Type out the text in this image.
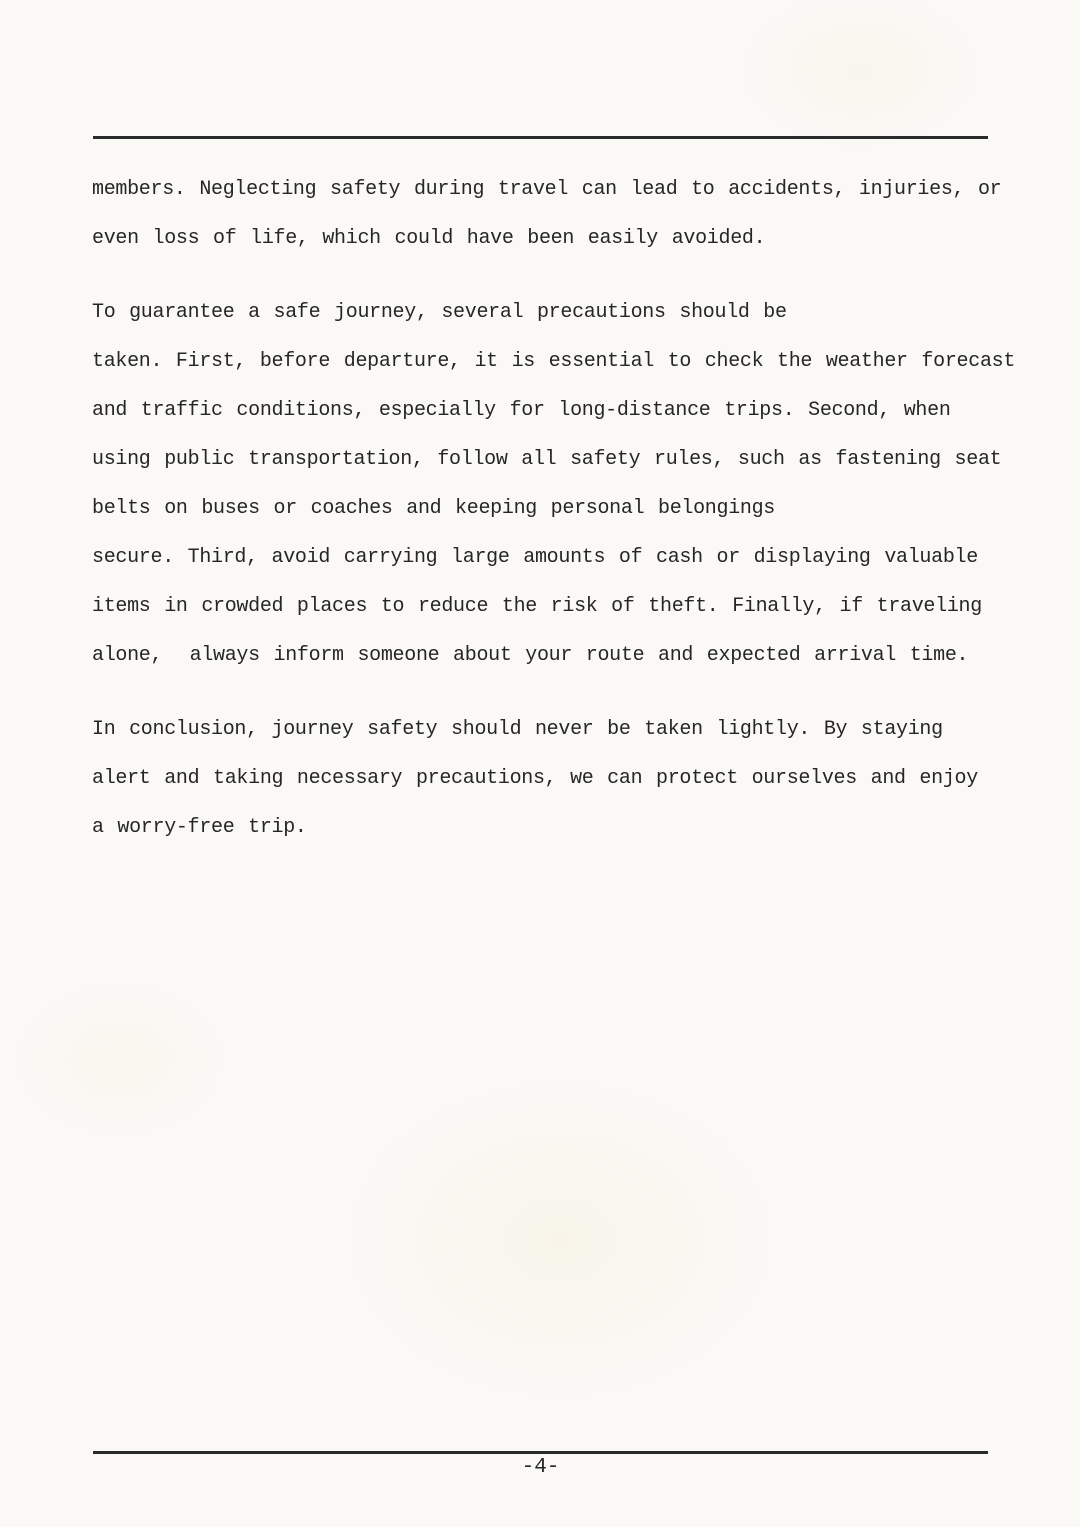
members. Neglecting safety during travel can lead to accidents, injuries, or
even loss of life, which could have been easily avoided.
To guarantee a safe journey, several precautions should be
taken. First, before departure, it is essential to check the weather forecast
and traffic conditions, especially for long-distance trips. Second, when
using public transportation, follow all safety rules, such as fastening seat
belts on buses or coaches and keeping personal belongings
secure. Third, avoid carrying large amounts of cash or displaying valuable
items in crowded places to reduce the risk of theft. Finally, if traveling
alone,  always inform someone about your route and expected arrival time.
In conclusion, journey safety should never be taken lightly. By staying
alert and taking necessary precautions, we can protect ourselves and enjoy
a worry-free trip.
-4-
